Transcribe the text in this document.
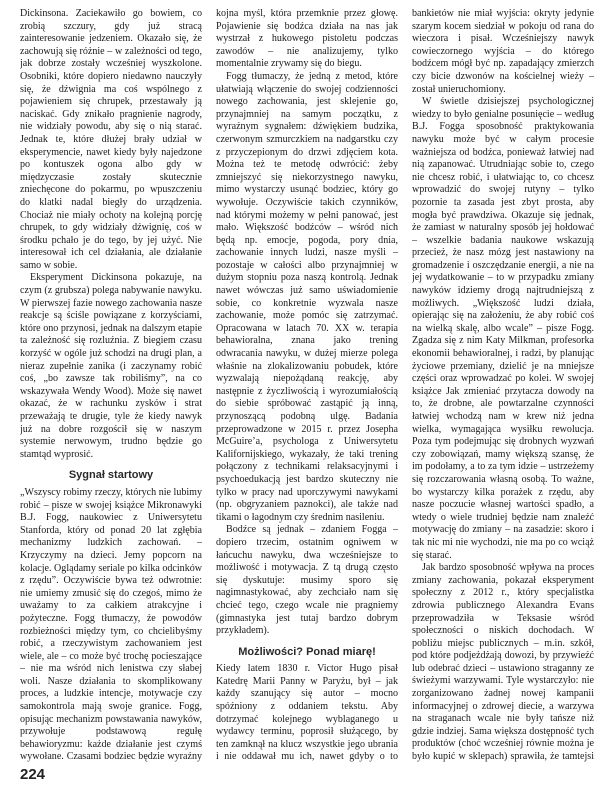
Dickinsona. Zaciekawiło go bowiem, co zrobią szczury, gdy już stracą zainteresowanie jedzeniem. Okazało się, że zachowują się różnie – w zależności od tego, jak dobrze zostały wcześniej wyszkolone. Osobniki, które dopiero niedawno nauczyły się, że dźwignia ma coś wspólnego z pojawieniem się chrupek, przestawały ją naciskać. Gdy znikało pragnienie nagrody, nie widziały powodu, aby się o nią starać. Jednak te, które dłużej brały udział w eksperymencie, nawet kiedy były najedzone po kontuszek ogona albo gdy w międzyczasie zostały skutecznie zniechęcone do pokarmu, po wpuszczeniu do klatki nadal biegły do urządzenia. Chociaż nie miały ochoty na kolejną porcję chrupek, to gdy widziały dźwignię, coś w środku pchało je do tego, by jej użyć. Nie interesował ich cel działania, ale działanie samo w sobie.

Eksperyment Dickinsona pokazuje, na czym (z grubsza) polega nabywanie nawyku. W pierwszej fazie nowego zachowania nasze reakcje są ściśle powiązane z korzyściami, które ono przynosi, jednak na dalszym etapie ta zależność się rozluźnia. Z biegiem czasu korzyść w ogóle już schodzi na drugi plan, a nieraz zupełnie zanika (i zaczynamy robić coś, „bo zawsze tak robiliśmy”, na co wskazywała Wendy Wood). Może się nawet okazać, że w rachunku zysków i strat przeważają te drugie, tyle że kiedy nawyk już na dobre rozgościł się w naszym systemie nerwowym, trudno będzie go stamtąd wyprosić.

Sygnał startowy

„Wszyscy robimy rzeczy, których nie lubimy robić – pisze w swojej książce Mikronawyki B.J. Fogg, naukowiec z Uniwersytetu Stanforda, który od ponad 20 lat zgłębia mechanizmy ludzkich zachowań. – Krzyczymy na dzieci. Jemy popcorn na kolacje. Oglądamy seriale po kilka odcinków z rzędu”. Oczywiście bywa też odwrotnie: nie umiemy zmusić się do czegoś, mimo że uważamy to za całkiem atrakcyjne i pożyteczne. Fogg tłumaczy, że powodów rozbieżności między tym, co chcielibyśmy robić, a rzeczywistym zachowaniem jest wiele, ale – co może być trochę pocieszające – nie ma wśród nich lenistwa czy słabej woli. Nasze działania to skomplikowany proces, a ludzkie intencje, motywacje czy samokontrola mają swoje granice. Fogg, opisując mechanizm powstawania nawyków, przywołuje podstawową regułę behawioryzmu: każde działanie jest czymś wywołane. Czasami bodziec będzie wyraźny

kojna myśl, która przemknie przez głowę. Pojawienie się bodźca działa na nas jak wystrzał z hukowego pistoletu podczas zawodów – nie analizujemy, tylko momentalnie zrywamy się do biegu.

Fogg tłumaczy, że jedną z metod, które ułatwiają włączenie do swojej codzienności nowego zachowania, jest sklejenie go, przynajmniej na samym początku, z wyraźnym sygnałem: dźwiękiem budzika, czerwonym szmurczkiem na nadgarstku czy z przyczepionym do drzwi zdjęciem kota. Można też te metodę odwrócić: żeby zmniejszyć się niekorzystnego nawyku, mimo wystarczy usunąć bodziec, który go wywołuje. Oczywiście takich czynników, nad którymi możemy w pełni panować, jest mało. Większość bodźców – wśród nich będą np. emocje, pogoda, pory dnia, zachowanie innych ludzi, nasze myśli – pozostaje w całości albo przynajmniej w dużym stopniu poza naszą kontrolą. Jednak nawet wówczas już samo uświadomienie sobie, co konkretnie wyzwala nasze zachowanie, może pomóc się zatrzymać. Opracowana w latach 70. XX w. terapia behawioralna, znana jako trening odwracania nawyku, w dużej mierze polega właśnie na zlokalizowaniu pobudek, które wyzwalają niepożądaną reakcję, aby następnie z życzliwością i wyrozumiałością do siebie spróbować zastąpić ją inną, przynoszącą podobną ulgę. Badania przeprowadzone w 2015 r. przez Josepha McGuire’a, psychologa z Uniwersytetu Kalifornijskiego, wykazały, że taki trening połączony z technikami relaksacyjnymi i psychoedukacją jest bardzo skuteczny nie tylko w pracy nad uporczywymi nawykami (np. obgryzaniem paznokci), ale także nad tikami o łagodnym czy średnim nasileniu.

Bodźce są jednak – zdaniem Fogga – dopiero trzecim, ostatnim ogniwem w łańcuchu nawyku, dwa wcześniejsze to możliwość i motywacja. Z tą drugą często się dyskutuje: musimy sporo się nagimnastykować, aby zechciało nam się chcieć tego, czego wcale nie pragniemy (gimnastyka jest tutaj bardzo dobrym przykładem).

Możliwości? Ponad miarę!

Kiedy latem 1830 r. Victor Hugo pisał Katedrę Marii Panny w Paryżu, był – jak każdy szanujący się autor – mocno spóźniony z oddaniem tekstu. Aby dotrzymać kolejnego wyblaganego u wydawcy terminu, poprosił służącego, by ten zamknął na klucz wszystkie jego ubrania i nie oddawał mu ich, nawet gdyby o to

bankietów nie miał wyjścia: okryty jedynie szarym kocem siedział w pokoju od rana do wieczora i pisał. Wcześniejszy nawyk cowieczornego wyjścia – do którego bodźcem mógł być np. zapadający zmierzch czy bicie dzwonów na kościelnej wieży – został unieruchomiony.

W świetle dzisiejszej psychologicznej wiedzy to było genialne posunięcie – według B.J. Fogga sposobność praktykowania nawyku może być w całym procesie ważniejsza od bodźca, ponieważ łatwiej nad nią zapanować. Utrudniając sobie to, czego nie chcesz robić, i ułatwiając to, co chcesz wprowadzić do swojej rutyny – tylko pozornie ta zasada jest zbyt prosta, aby mogła być prawdziwa. Okazuje się jednak, że zamiast w naturalny sposób jej hołdować – wszelkie badania naukowe wskazują przecież, że nasz mózg jest nastawiony na gromadzenie i oszczędzanie energii, a nie na jej wydatkowanie – to w przypadku zmiany nawyków idziemy drogą najtrudniejszą z możliwych. „Większość ludzi działa, opierając się na założeniu, że aby robić coś na wielką skalę, albo wcale” – pisze Fogg. Zgadza się z nim Katy Milkman, profesorka ekonomii behawioralnej, i radzi, by planując życiowe przemiany, dzielić je na mniejsze części oraz wprowadzać po kolei. W swojej książce Jak zmieniać przytacza dowody na to, że drobne, ale powtarzalne czynności łatwiej wchodzą nam w krew niż jedna wielka, wymagająca wysiłku rewolucja. Poza tym podejmując się drobnych wyzwań czy zobowiązań, mamy większą szansę, że im podołamy, a to za tym idzie – ustrzeżemy się rozczarowania własną osobą. To ważne, bo wystarczy kilka porażek z rzędu, aby nasze poczucie własnej wartości spadło, a wtedy o wiele trudniej będzie nam znaleźć motywację do zmiany – na zasadzie: skoro i tak nic mi nie wychodzi, nie ma po co wciąż się starać.

Jak bardzo sposobność wpływa na proces zmiany zachowania, pokazał eksperyment społeczny z 2012 r., który specjalistka zdrowia publicznego Alexandra Evans przeprowadziła w Teksasie wśród społeczności o niskich dochodach. W pobliżu miejsc publicznych – m.in. szkół, pod które podjeżdżają dowozi, by przywieźć lub odebrać dzieci – ustawiono straganny ze świeżymi warzywami. Tyle wystarczyło: nie zorganizowano żadnej nowej kampanii informacyjnej o zdrowej diecie, a warzywa na straganach wcale nie były tańsze niż gdzie indziej. Sama większa dostępność tych produktów (choć wcześniej równie można je było kupić w sklepach) sprawiła, że tamtejsi

224
